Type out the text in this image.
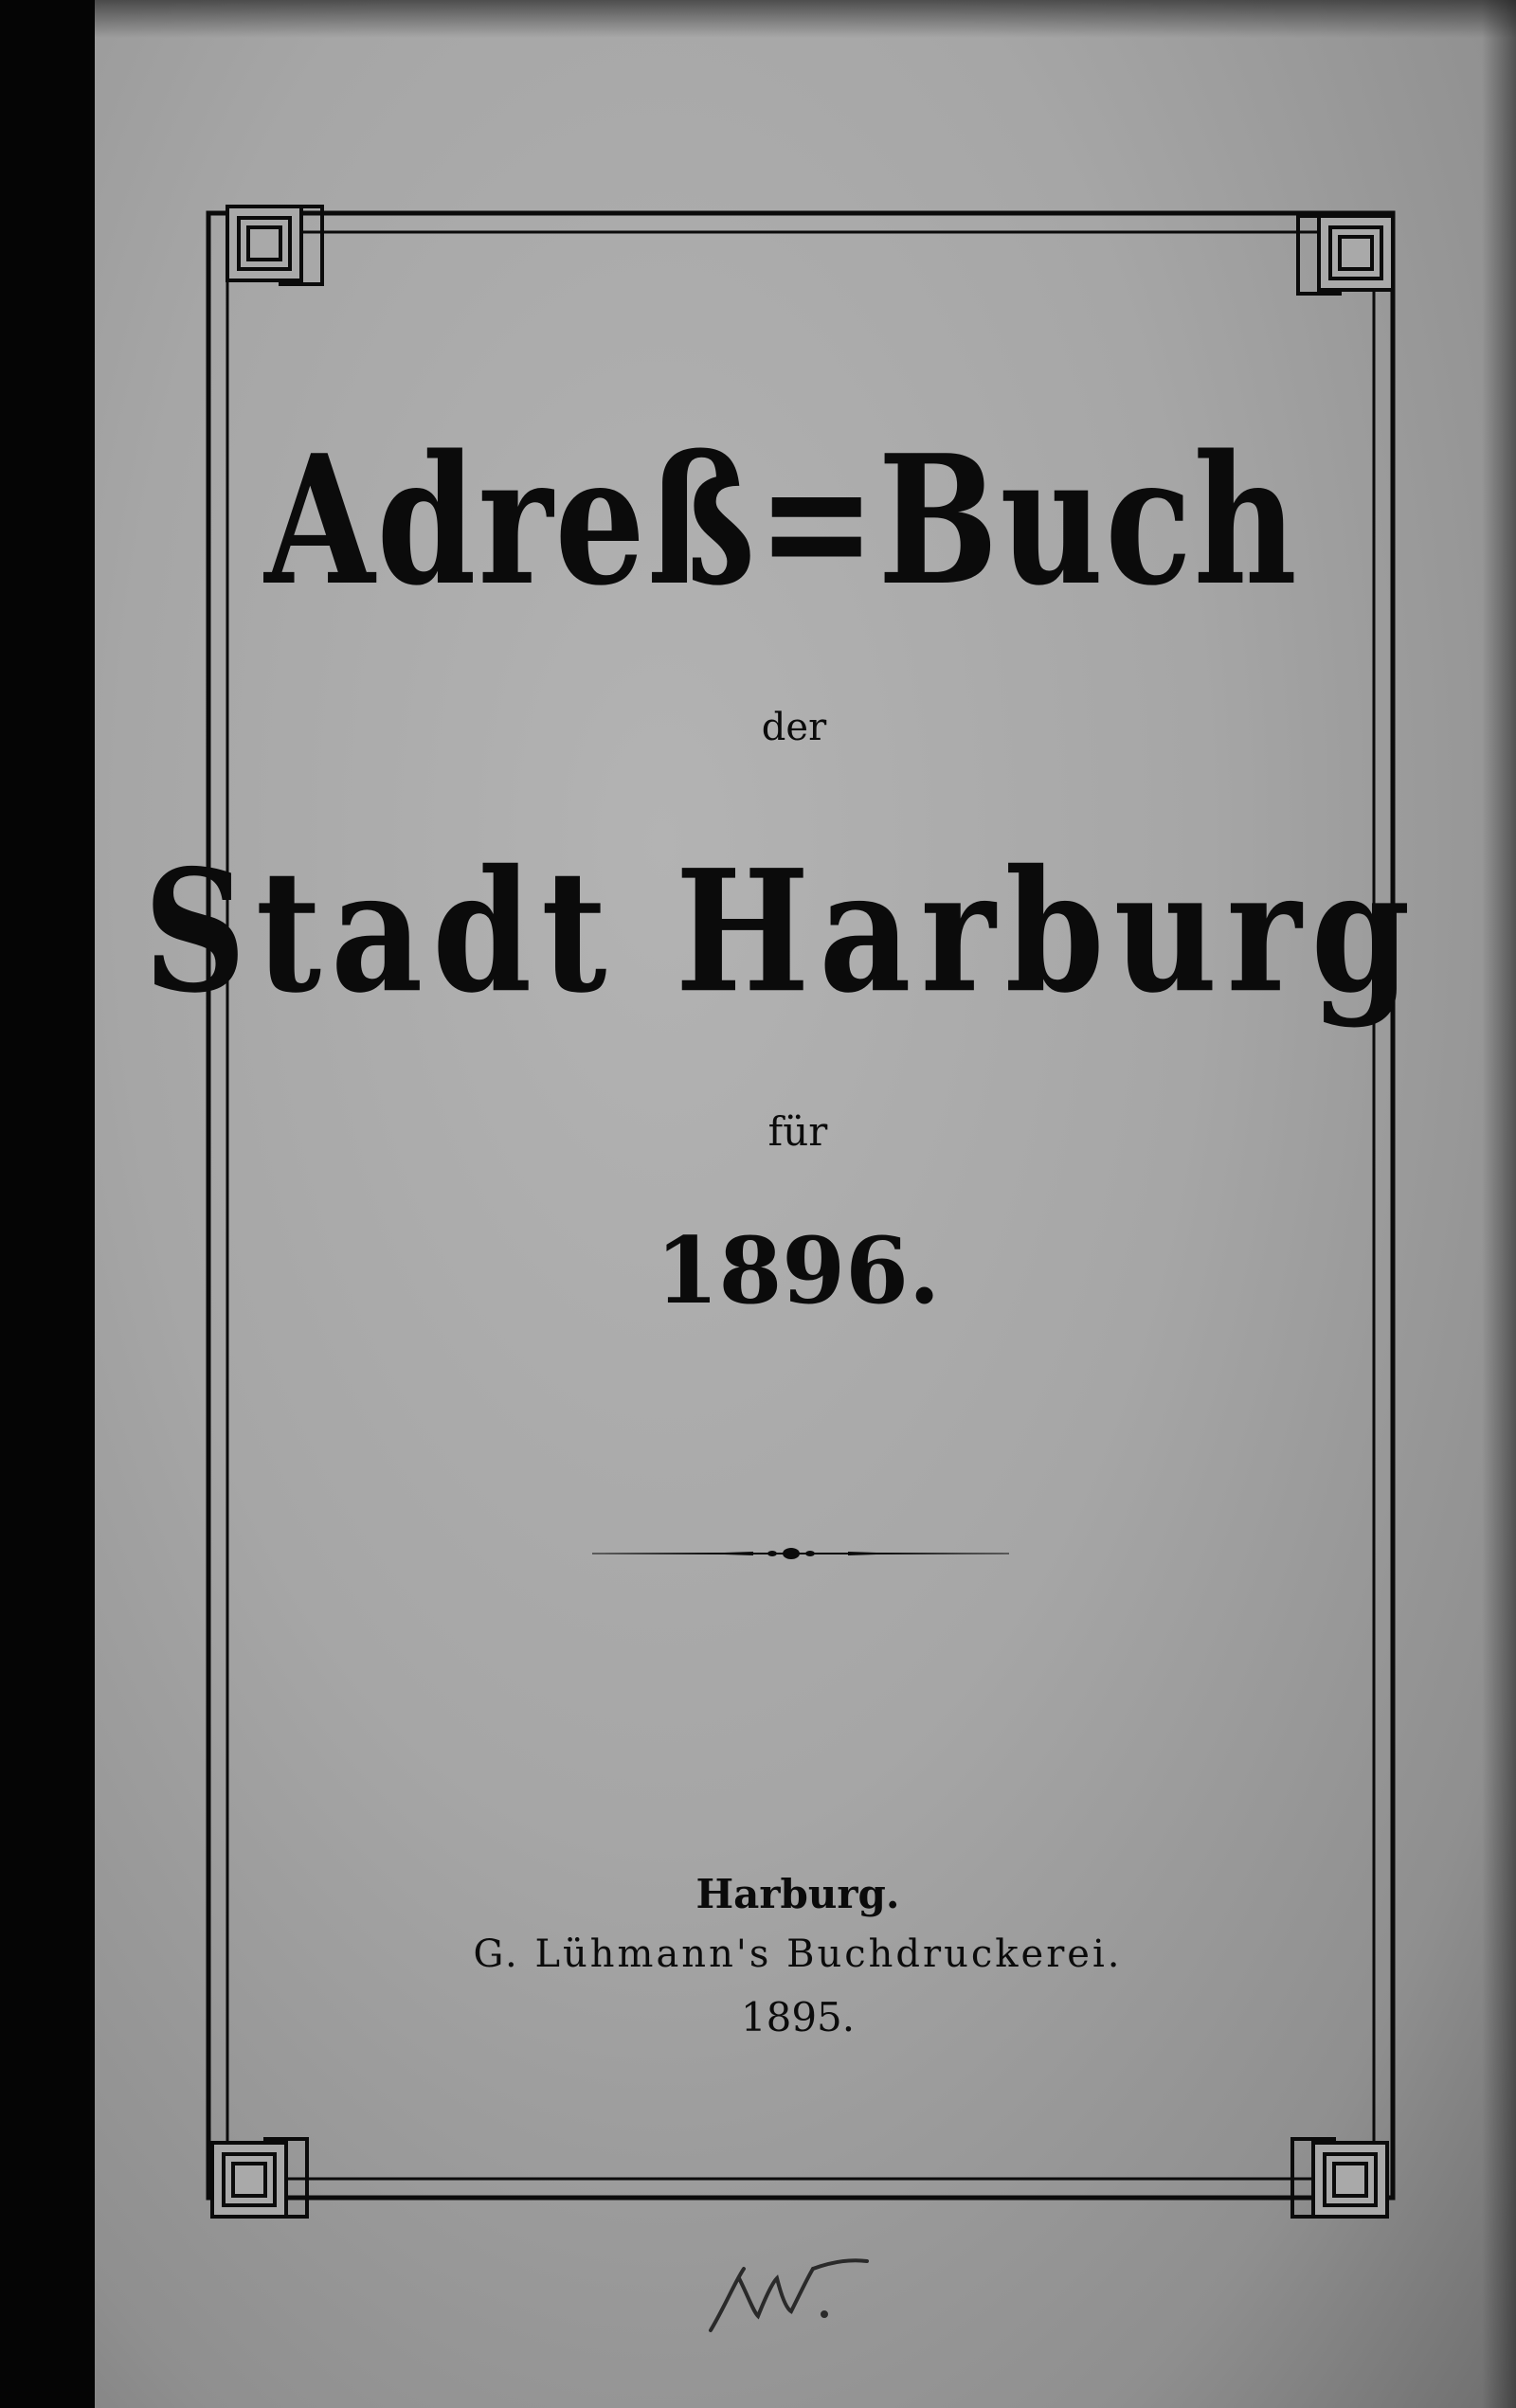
Adreß=Buch
der
Stadt Harburg
für
1896.
Harburg.
G. Lühmann's Buchdruckerei.
1895.
